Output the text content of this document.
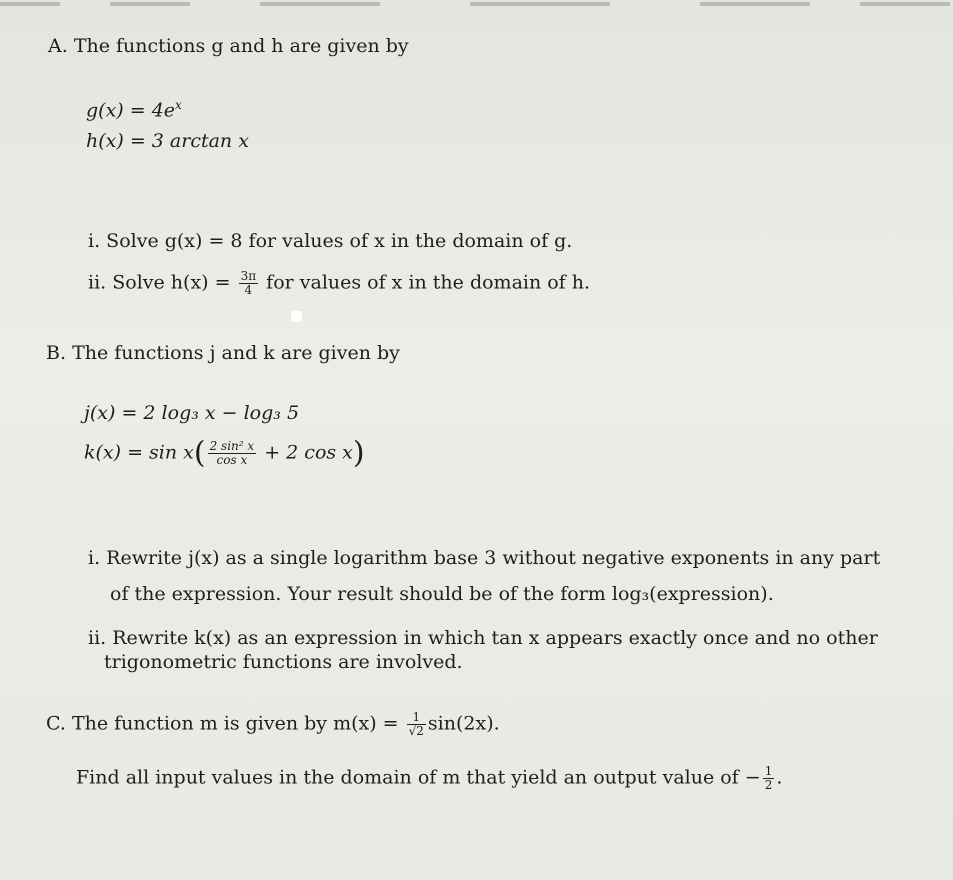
A. The functions g and h are given by
$g(x) = 4e^x$
h(x) = 3 arctan x
i. Solve g(x) = 8 for values of x in the domain of g.
ii. Solve $h(x) = \frac{3\pi}{4}$ for values of x in the domain of h.
B. The functions j and k are given by
j(x) = 2 log₃ x − log₃ 5
$k(x) = \sin x( \frac{\text{2 sin² x}}{\text{cos x}} + 2$ cos x)
i. Rewrite j(x) as a single logarithm base 3 without negative exponents in any part
of the expression. Your result should be of the form log₃(expression).
ii. Rewrite k(x) as an expression in which tan x appears exactly once and no other
trigonometric functions are involved.
C. The function m is given by $m(x) = \frac{1}{√2} \sin(2x)$.
Find all input values in the domain of m that yield an output value of − $\frac{1}{2}$ .
